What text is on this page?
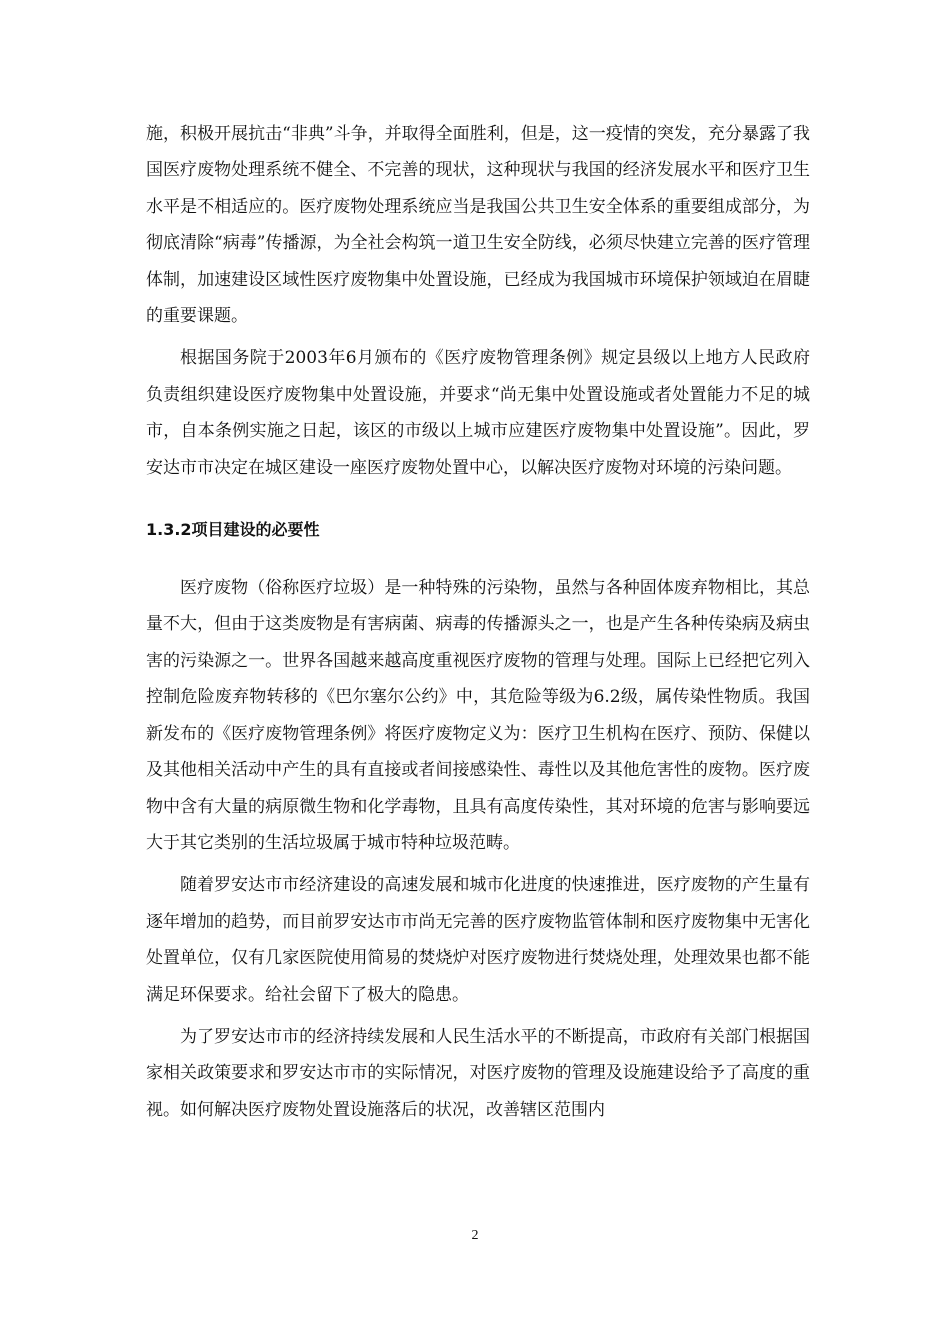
施，积极开展抗击“非典”斗争，并取得全面胜利，但是，这一疫情的突发，充分暴露了我国医疗废物处理系统不健全、不完善的现状，这种现状与我国的经济发展水平和医疗卫生水平是不相适应的。医疗废物处理系统应当是我国公共卫生安全体系的重要组成部分，为彻底清除“病毒”传播源，为全社会构筑一道卫生安全防线，必须尽快建立完善的医疗管理体制，加速建设区域性医疗废物集中处置设施，已经成为我国城市环境保护领域迫在眉睫的重要课题。

根据国务院于2003年6月颁布的《医疗废物管理条例》规定县级以上地方人民政府负责组织建设医疗废物集中处置设施，并要求“尚无集中处置设施或者处置能力不足的城市，自本条例实施之日起，该区的市级以上城市应建医疗废物集中处置设施”。因此，罗安达市市决定在城区建设一座医疗废物处置中心，以解决医疗废物对环境的污染问题。

1.3.2项目建设的必要性

医疗废物（俗称医疗垃圾）是一种特殊的污染物，虽然与各种固体废弃物相比，其总量不大，但由于这类废物是有害病菌、病毒的传播源头之一，也是产生各种传染病及病虫害的污染源之一。世界各国越来越高度重视医疗废物的管理与处理。国际上已经把它列入控制危险废弃物转移的《巴尔塞尔公约》中，其危险等级为6.2级，属传染性物质。我国新发布的《医疗废物管理条例》将医疗废物定义为：医疗卫生机构在医疗、预防、保健以及其他相关活动中产生的具有直接或者间接感染性、毒性以及其他危害性的废物。医疗废物中含有大量的病原微生物和化学毒物，且具有高度传染性，其对环境的危害与影响要远大于其它类别的生活垃圾属于城市特种垃圾范畴。

随着罗安达市市经济建设的高速发展和城市化进度的快速推进，医疗废物的产生量有逐年增加的趋势，而目前罗安达市市尚无完善的医疗废物监管体制和医疗废物集中无害化处置单位，仅有几家医院使用简易的焚烧炉对医疗废物进行焚烧处理，处理效果也都不能满足环保要求。给社会留下了极大的隐患。

为了罗安达市市的经济持续发展和人民生活水平的不断提高，市政府有关部门根据国家相关政策要求和罗安达市市的实际情况，对医疗废物的管理及设施建设给予了高度的重视。如何解决医疗废物处置设施落后的状况，改善辖区范围内

2
